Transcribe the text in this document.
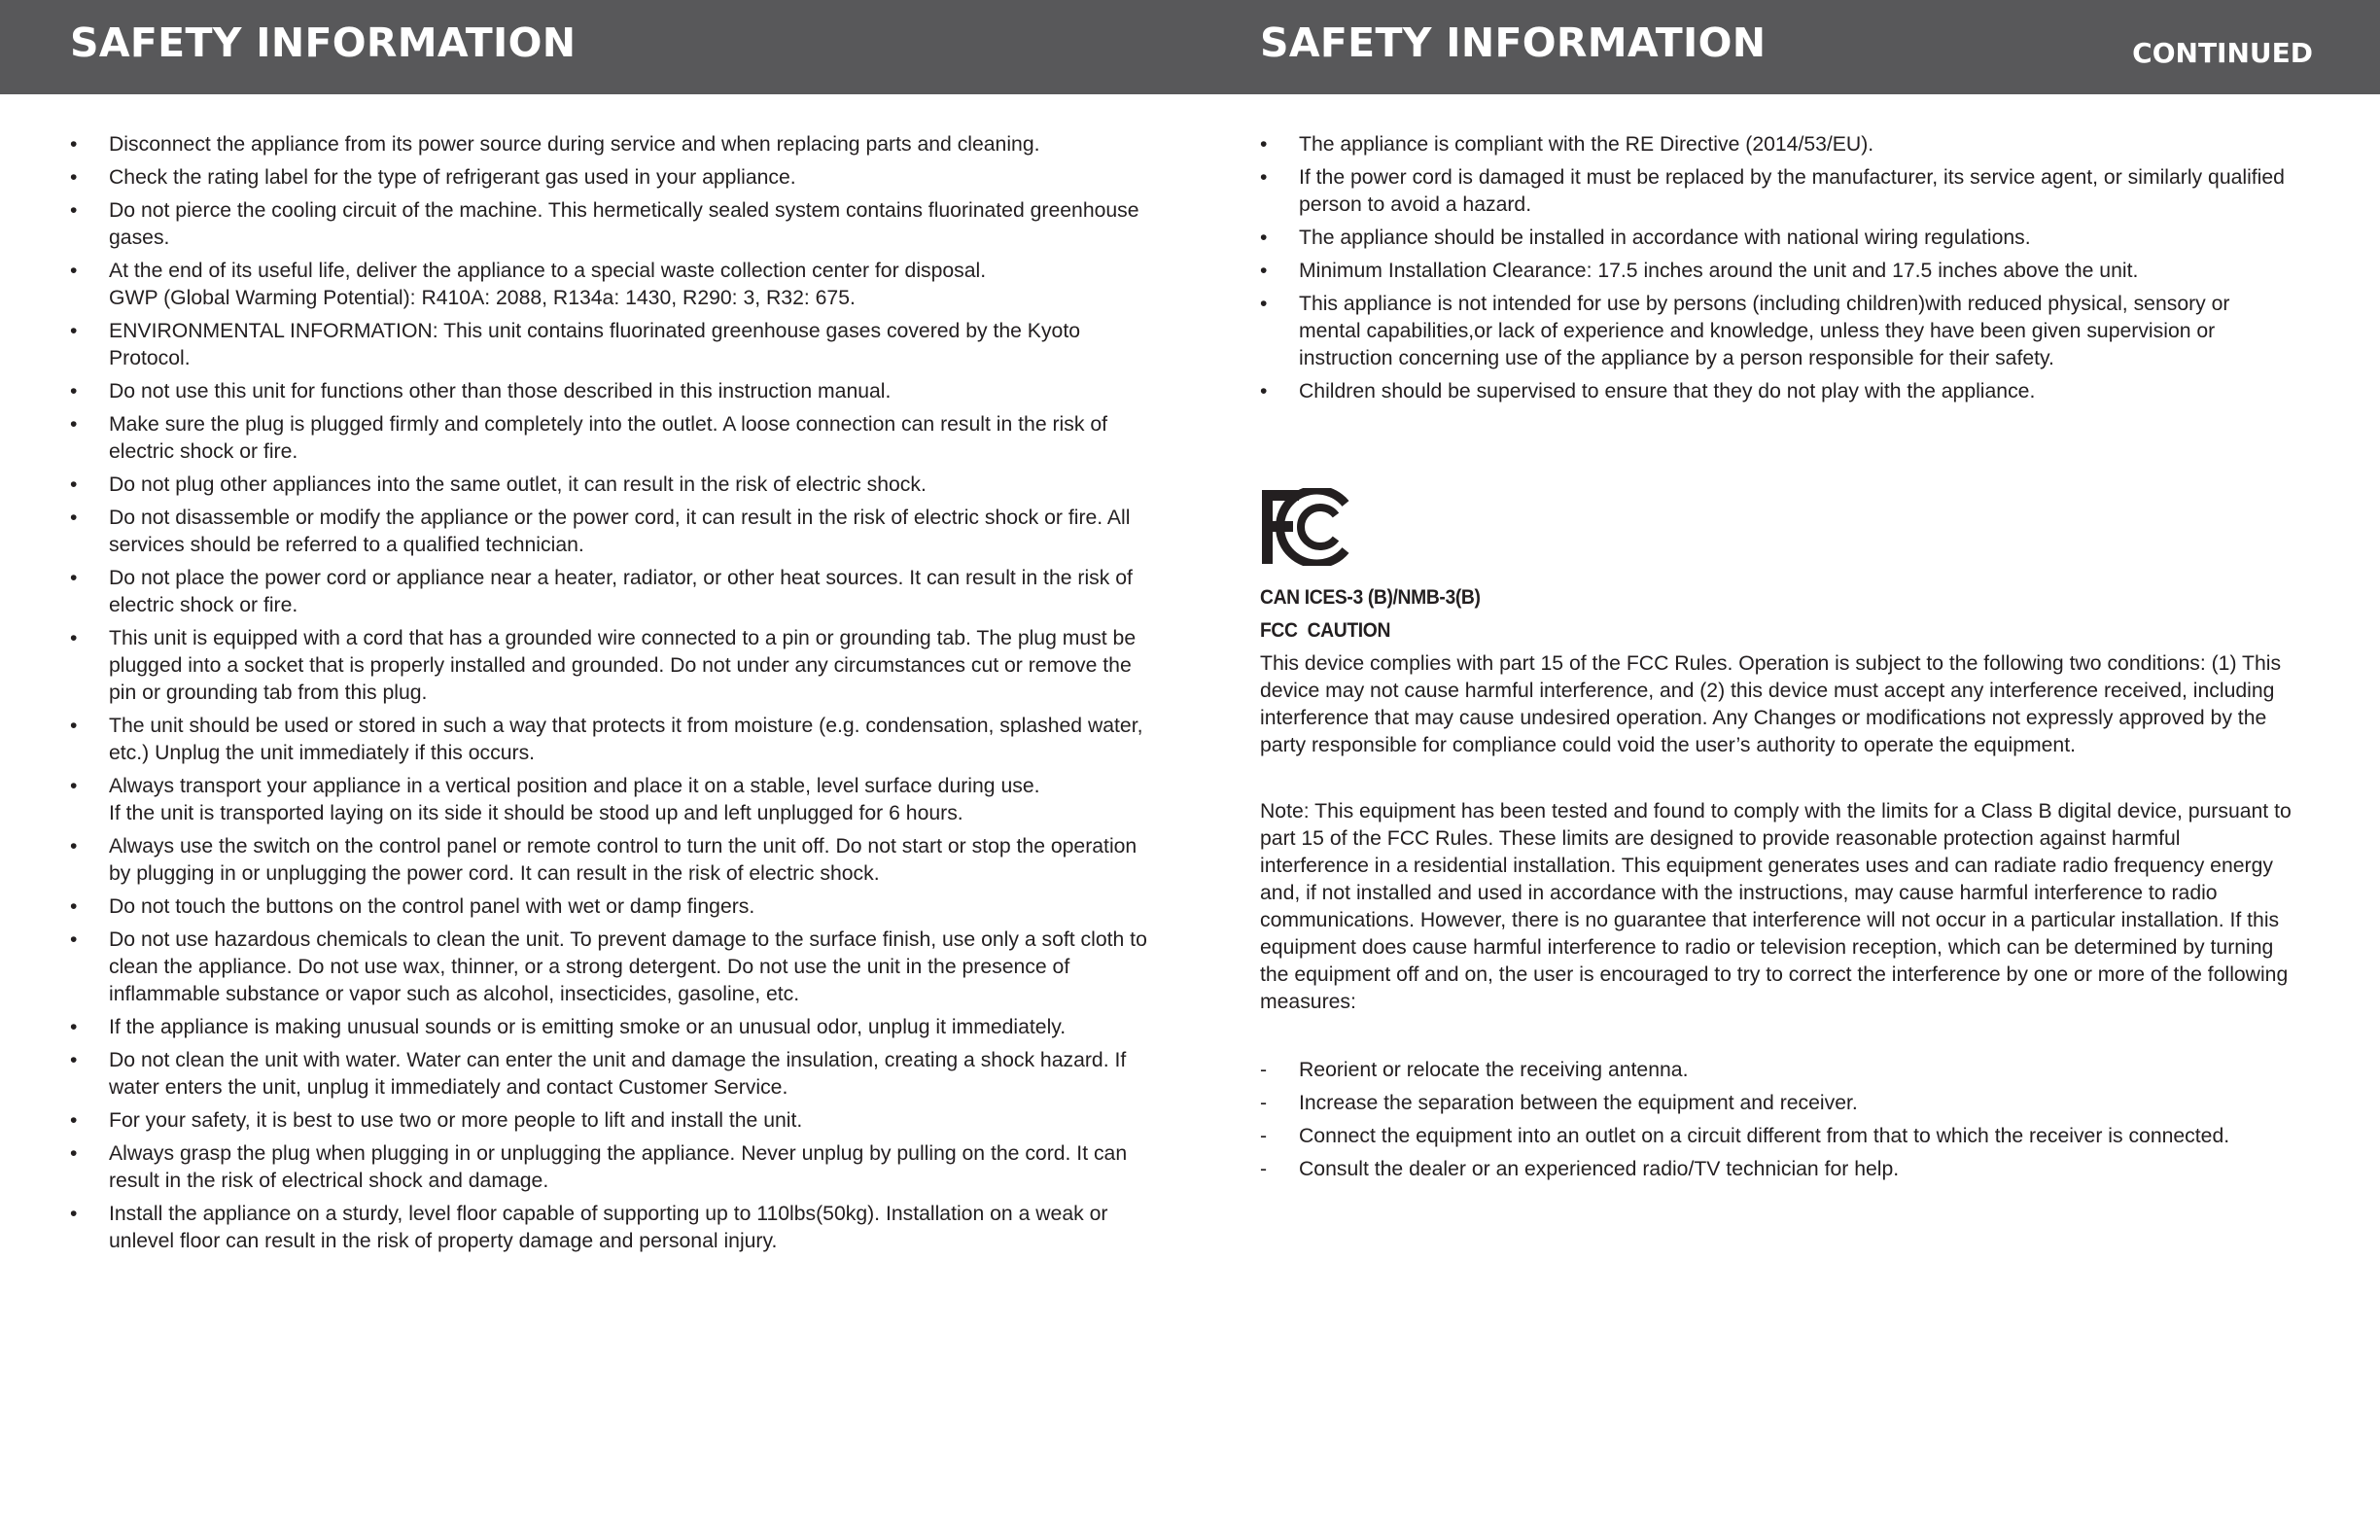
SAFETY INFORMATION
• Disconnect the appliance from its power source during service and when replacing parts and cleaning.
• Check the rating label for the type of refrigerant gas used in your appliance.
• Do not pierce the cooling circuit of the machine. This hermetically sealed system contains fluorinated greenhouse gases.
• At the end of its useful life, deliver the appliance to a special waste collection center for disposal.
GWP (Global Warming Potential): R410A: 2088, R134a: 1430, R290: 3, R32: 675.
• ENVIRONMENTAL INFORMATION: This unit contains fluorinated greenhouse gases covered by the Kyoto Protocol.
• Do not use this unit for functions other than those described in this instruction manual.
• Make sure the plug is plugged firmly and completely into the outlet. A loose connection can result in the risk of electric shock or fire.
• Do not plug other appliances into the same outlet, it can result in the risk of electric shock.
• Do not disassemble or modify the appliance or the power cord, it can result in the risk of electric shock or fire. All services should be referred to a qualified technician.
• Do not place the power cord or appliance near a heater, radiator, or other heat sources. It can result in the risk of electric shock or fire.
• This unit is equipped with a cord that has a grounded wire connected to a pin or grounding tab. The plug must be plugged into a socket that is properly installed and grounded. Do not under any circumstances cut or remove the pin or grounding tab from this plug.
• The unit should be used or stored in such a way that protects it from moisture (e.g. condensation, splashed water, etc.) Unplug the unit immediately if this occurs.
• Always transport your appliance in a vertical position and place it on a stable, level surface during use.
If the unit is transported laying on its side it should be stood up and left unplugged for 6 hours.
• Always use the switch on the control panel or remote control to turn the unit off. Do not start or stop the operation by plugging in or unplugging the power cord. It can result in the risk of electric shock.
• Do not touch the buttons on the control panel with wet or damp fingers.
• Do not use hazardous chemicals to clean the unit. To prevent damage to the surface finish, use only a soft cloth to clean the appliance. Do not use wax, thinner, or a strong detergent. Do not use the unit in the presence of inflammable substance or vapor such as alcohol, insecticides, gasoline, etc.
• If the appliance is making unusual sounds or is emitting smoke or an unusual odor, unplug it immediately.
• Do not clean the unit with water. Water can enter the unit and damage the insulation, creating a shock hazard. If water enters the unit, unplug it immediately and contact Customer Service.
• For your safety, it is best to use two or more people to lift and install the unit.
• Always grasp the plug when plugging in or unplugging the appliance. Never unplug by pulling on the cord. It can result in the risk of electrical shock and damage.
• Install the appliance on a sturdy, level floor capable of supporting up to 110lbs(50kg). Installation on a weak or unlevel floor can result in the risk of property damage and personal injury.
SAFETY INFORMATION	CONTINUED
• The appliance is compliant with the RE Directive (2014/53/EU).
• If the power cord is damaged it must be replaced by the manufacturer, its service agent, or similarly qualified person to avoid a hazard.
• The appliance should be installed in accordance with national wiring regulations.
• Minimum Installation Clearance: 17.5 inches around the unit and 17.5 inches above the unit.
• This appliance is not intended for use by persons (including children)with reduced physical, sensory or mental capabilities,or lack of experience and knowledge, unless they have been given supervision or instruction concerning use of the appliance by a person responsible for their safety.
• Children should be supervised to ensure that they do not play with the appliance.
CAN ICES-3 (B)/NMB-3(B)
FCC  CAUTION

This device complies with part 15 of the FCC Rules. Operation is subject to the following two conditions: (1) This device may not cause harmful interference, and (2) this device must accept any interference received, including interference that may cause undesired operation. Any Changes or modifications not expressly approved by the party responsible for compliance could void the user’s authority to operate the equipment.

Note: This equipment has been tested and found to comply with the limits for a Class B digital device, pursuant to part 15 of the FCC Rules. These limits are designed to provide reasonable protection against harmful interference in a residential installation. This equipment generates uses and can radiate radio frequency energy and, if not installed and used in accordance with the instructions, may cause harmful interference to radio communications. However, there is no guarantee that interference will not occur in a particular installation. If this equipment does cause harmful interference to radio or television reception, which can be determined by turning the equipment off and on, the user is encouraged to try to correct the interference by one or more of the following measures:

- Reorient or relocate the receiving antenna.
- Increase the separation between the equipment and receiver.
- Connect the equipment into an outlet on a circuit different from that to which the receiver is connected.
- Consult the dealer or an experienced radio/TV technician for help.
